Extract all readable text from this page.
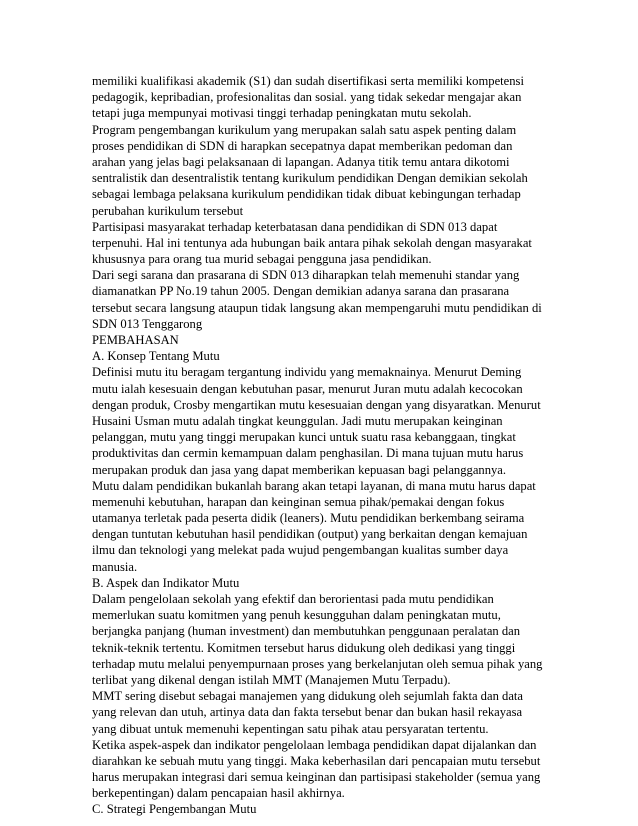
memiliki kualifikasi akademik (S1) dan sudah disertifikasi serta memiliki kompetensi
pedagogik, kepribadian, profesionalitas dan sosial. yang tidak sekedar mengajar akan
tetapi juga mempunyai motivasi tinggi terhadap peningkatan mutu sekolah.
Program pengembangan kurikulum yang merupakan salah satu aspek penting dalam
proses pendidikan di SDN di harapkan secepatnya dapat memberikan pedoman dan
arahan yang jelas bagi pelaksanaan di lapangan. Adanya titik temu antara dikotomi
sentralistik dan desentralistik tentang kurikulum pendidikan Dengan demikian sekolah
sebagai lembaga pelaksana kurikulum pendidikan tidak dibuat kebingungan terhadap
perubahan kurikulum tersebut
Partisipasi masyarakat terhadap keterbatasan dana pendidikan di SDN 013 dapat
terpenuhi. Hal ini tentunya ada hubungan baik antara pihak sekolah dengan masyarakat
khususnya para orang tua murid sebagai pengguna jasa pendidikan.
Dari segi sarana dan prasarana di SDN 013 diharapkan telah memenuhi standar yang
diamanatkan PP No.19 tahun 2005. Dengan demikian adanya sarana dan prasarana
tersebut secara langsung ataupun tidak langsung akan mempengaruhi mutu pendidikan di
SDN 013 Tenggarong
PEMBAHASAN
A. Konsep Tentang Mutu
Definisi mutu itu beragam tergantung individu yang memaknainya. Menurut Deming
mutu ialah kesesuain dengan kebutuhan pasar, menurut Juran mutu adalah kecocokan
dengan produk, Crosby mengartikan mutu kesesuaian dengan yang disyaratkan. Menurut
Husaini Usman mutu adalah tingkat keunggulan. Jadi mutu merupakan keinginan
pelanggan, mutu yang tinggi merupakan kunci untuk suatu rasa kebanggaan, tingkat
produktivitas dan cermin kemampuan dalam penghasilan. Di mana tujuan mutu harus
merupakan produk dan jasa yang dapat memberikan kepuasan bagi pelanggannya.
Mutu dalam pendidikan bukanlah barang akan tetapi layanan, di mana mutu harus dapat
memenuhi kebutuhan, harapan dan keinginan semua pihak/pemakai dengan fokus
utamanya terletak pada peserta didik (leaners). Mutu pendidikan berkembang seirama
dengan tuntutan kebutuhan hasil pendidikan (output) yang berkaitan dengan kemajuan
ilmu dan teknologi yang melekat pada wujud pengembangan kualitas sumber daya
manusia.
B. Aspek dan Indikator Mutu
Dalam pengelolaan sekolah yang efektif dan berorientasi pada mutu pendidikan
memerlukan suatu komitmen yang penuh kesungguhan dalam peningkatan mutu,
berjangka panjang (human investment) dan membutuhkan penggunaan peralatan dan
teknik-teknik tertentu. Komitmen tersebut harus didukung oleh dedikasi yang tinggi
terhadap mutu melalui penyempurnaan proses yang berkelanjutan oleh semua pihak yang
terlibat yang dikenal dengan istilah MMT (Manajemen Mutu Terpadu).
MMT sering disebut sebagai manajemen yang didukung oleh sejumlah fakta dan data
yang relevan dan utuh, artinya data dan fakta tersebut benar dan bukan hasil rekayasa
yang dibuat untuk memenuhi kepentingan satu pihak atau persyaratan tertentu.
Ketika aspek-aspek dan indikator pengelolaan lembaga pendidikan dapat dijalankan dan
diarahkan ke sebuah mutu yang tinggi. Maka keberhasilan dari pencapaian mutu tersebut
harus merupakan integrasi dari semua keinginan dan partisipasi stakeholder (semua yang
berkepentingan) dalam pencapaian hasil akhirnya.
C. Strategi Pengembangan Mutu
